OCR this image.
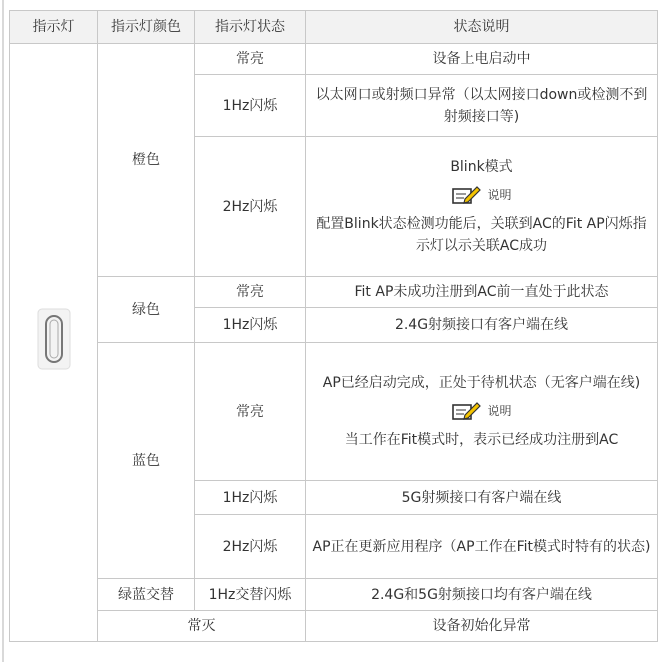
指示灯	指示灯颜色	指示灯状态	状态说明
	橙色	常亮	设备上电启动中
		1Hz闪烁	以太网口或射频口异常（以太网接口down或检测不到射频接口等)
		2Hz闪烁	Blink模式
说明
配置Blink状态检测功能后，关联到AC的Fit AP闪烁指示灯以示关联AC成功

	绿色	常亮	Fit AP未成功注册到AC前一直处于此状态
		1Hz闪烁	2.4G射频接口有客户端在线
	蓝色	常亮	AP已经启动完成，正处于待机状态（无客户端在线)
说明
当工作在Fit模式时，表示已经成功注册到AC

		1Hz闪烁	5G射频接口有客户端在线
		2Hz闪烁	AP正在更新应用程序（AP工作在Fit模式时特有的状态)
	绿蓝交替	1Hz交替闪烁	2.4G和5G射频接口均有客户端在线
	常灭		设备初始化异常
